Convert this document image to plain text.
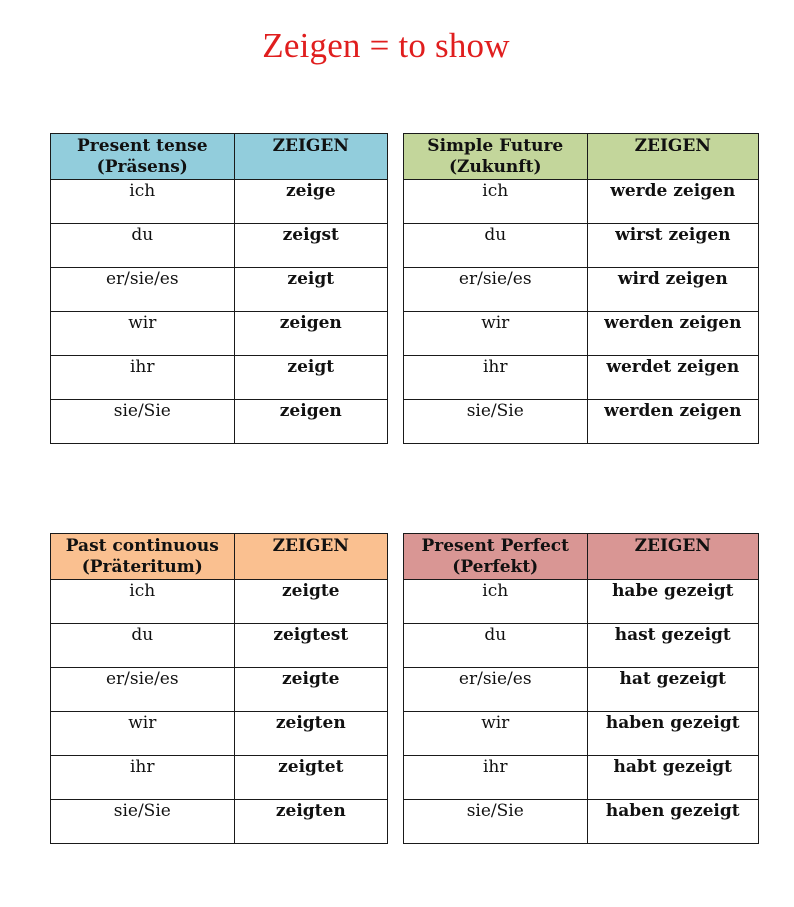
Zeigen = to show
Present tense
(Präsens)	ZEIGEN
ich	zeige
du	zeigst
er/sie/es	zeigt
wir	zeigen
ihr	zeigt
sie/Sie	zeigen
Simple Future
(Zukunft)	ZEIGEN
ich	werde zeigen
du	wirst zeigen
er/sie/es	wird zeigen
wir	werden zeigen
ihr	werdet zeigen
sie/Sie	werden zeigen
Past continuous
(Präteritum)	ZEIGEN
ich	zeigte
du	zeigtest
er/sie/es	zeigte
wir	zeigten
ihr	zeigtet
sie/Sie	zeigten
Present Perfect
(Perfekt)	ZEIGEN
ich	habe gezeigt
du	hast gezeigt
er/sie/es	hat gezeigt
wir	haben gezeigt
ihr	habt gezeigt
sie/Sie	haben gezeigt
